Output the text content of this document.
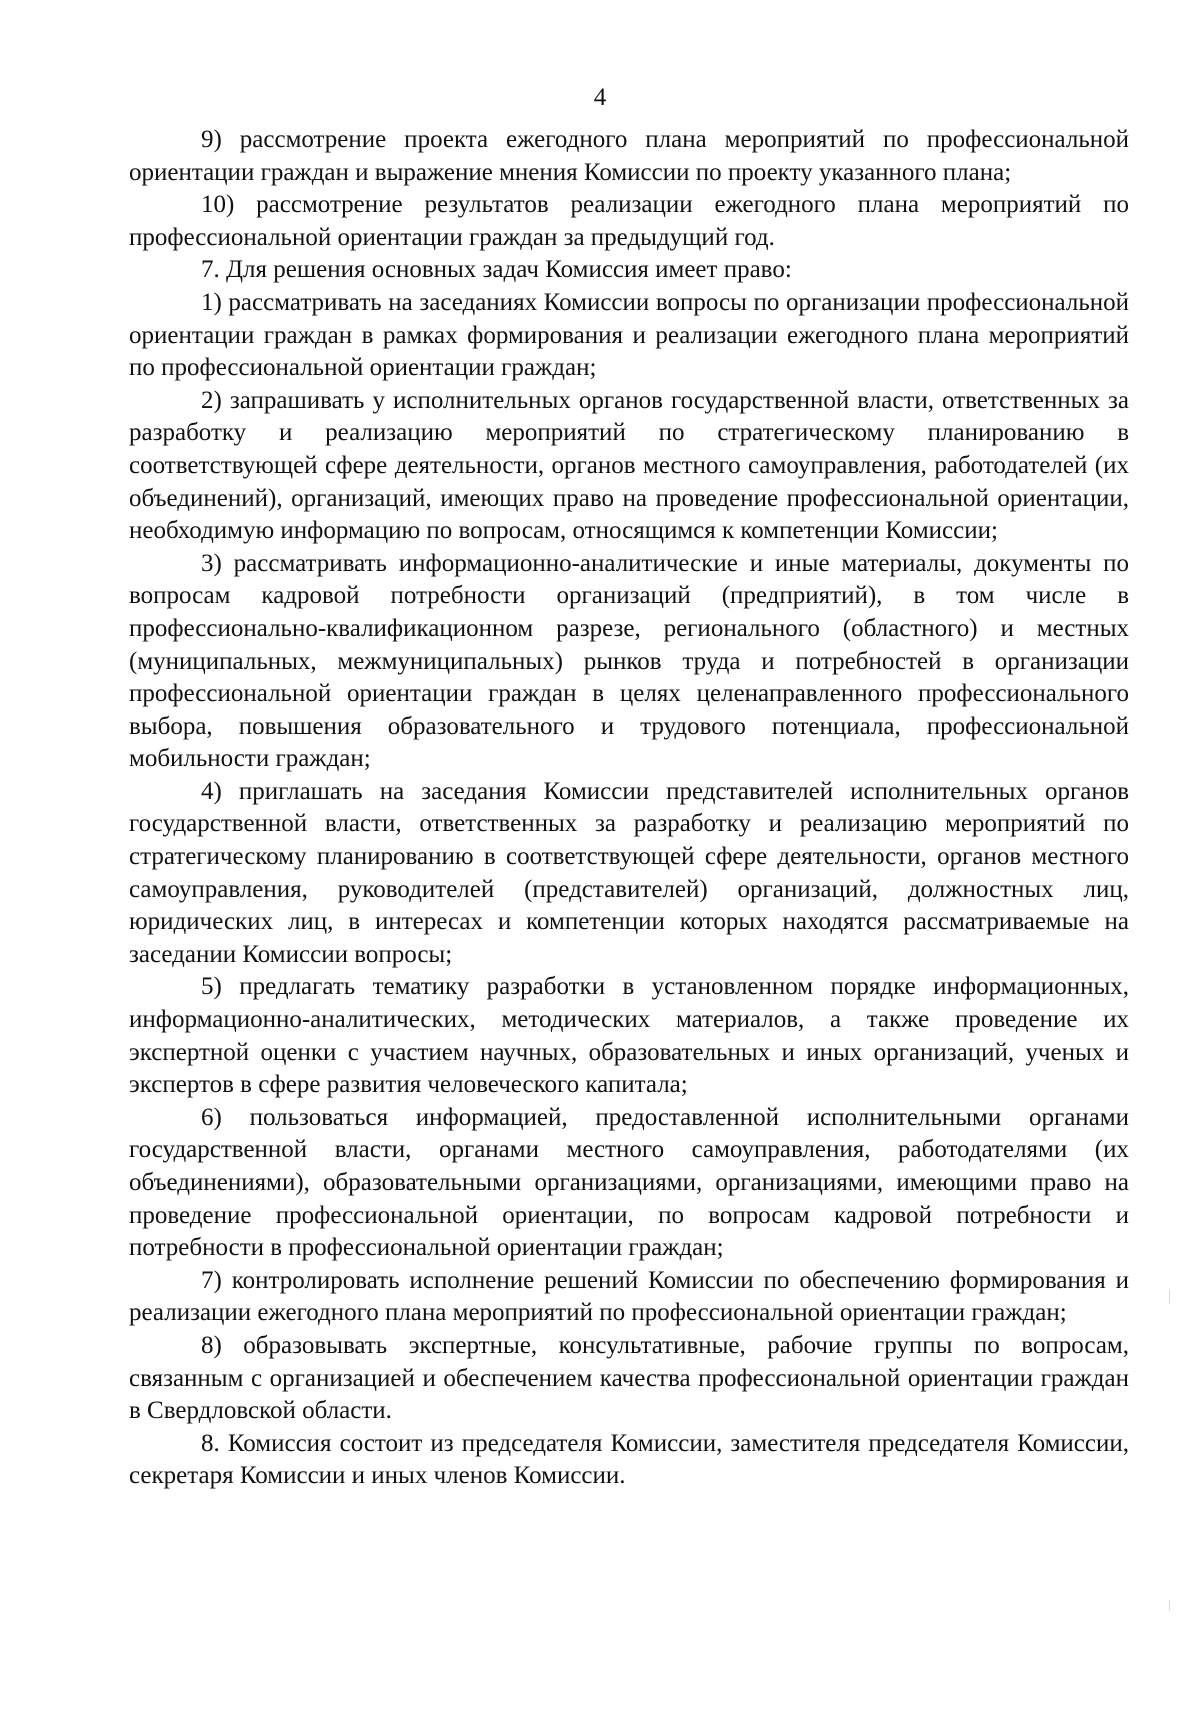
4

9) рассмотрение проекта ежегодного плана мероприятий по профессиональной ориентации граждан и выражение мнения Комиссии по проекту указанного плана;

10) рассмотрение результатов реализации ежегодного плана мероприятий по профессиональной ориентации граждан за предыдущий год.

7. Для решения основных задач Комиссия имеет право:

1) рассматривать на заседаниях Комиссии вопросы по организации профессиональной ориентации граждан в рамках формирования и реализации ежегодного плана мероприятий по профессиональной ориентации граждан;

2) запрашивать у исполнительных органов государственной власти, ответственных за разработку и реализацию мероприятий по стратегическому планированию в соответствующей сфере деятельности, органов местного самоуправления, работодателей (их объединений), организаций, имеющих право на проведение профессиональной ориентации, необходимую информацию по вопросам, относящимся к компетенции Комиссии;

3) рассматривать информационно-аналитические и иные материалы, документы по вопросам кадровой потребности организаций (предприятий), в том числе в профессионально-квалификационном разрезе, регионального (областного) и местных (муниципальных, межмуниципальных) рынков труда и потребностей в организации профессиональной ориентации граждан в целях целенаправленного профессионального выбора, повышения образовательного и трудового потенциала, профессиональной мобильности граждан;

4) приглашать на заседания Комиссии представителей исполнительных органов государственной власти, ответственных за разработку и реализацию мероприятий по стратегическому планированию в соответствующей сфере деятельности, органов местного самоуправления, руководителей (представителей) организаций, должностных лиц, юридических лиц, в интересах и компетенции которых находятся рассматриваемые на заседании Комиссии вопросы;

5) предлагать тематику разработки в установленном порядке информационных, информационно-аналитических, методических материалов, а также проведение их экспертной оценки с участием научных, образовательных и иных организаций, ученых и экспертов в сфере развития человеческого капитала;

6) пользоваться информацией, предоставленной исполнительными органами государственной власти, органами местного самоуправления, работодателями (их объединениями), образовательными организациями, организациями, имеющими право на проведение профессиональной ориентации, по вопросам кадровой потребности и потребности в профессиональной ориентации граждан;

7) контролировать исполнение решений Комиссии по обеспечению формирования и реализации ежегодного плана мероприятий по профессиональной ориентации граждан;

8) образовывать экспертные, консультативные, рабочие группы по вопросам, связанным с организацией и обеспечением качества профессиональной ориентации граждан в Свердловской области.

8. Комиссия состоит из председателя Комиссии, заместителя председателя Комиссии, секретаря Комиссии и иных членов Комиссии.
